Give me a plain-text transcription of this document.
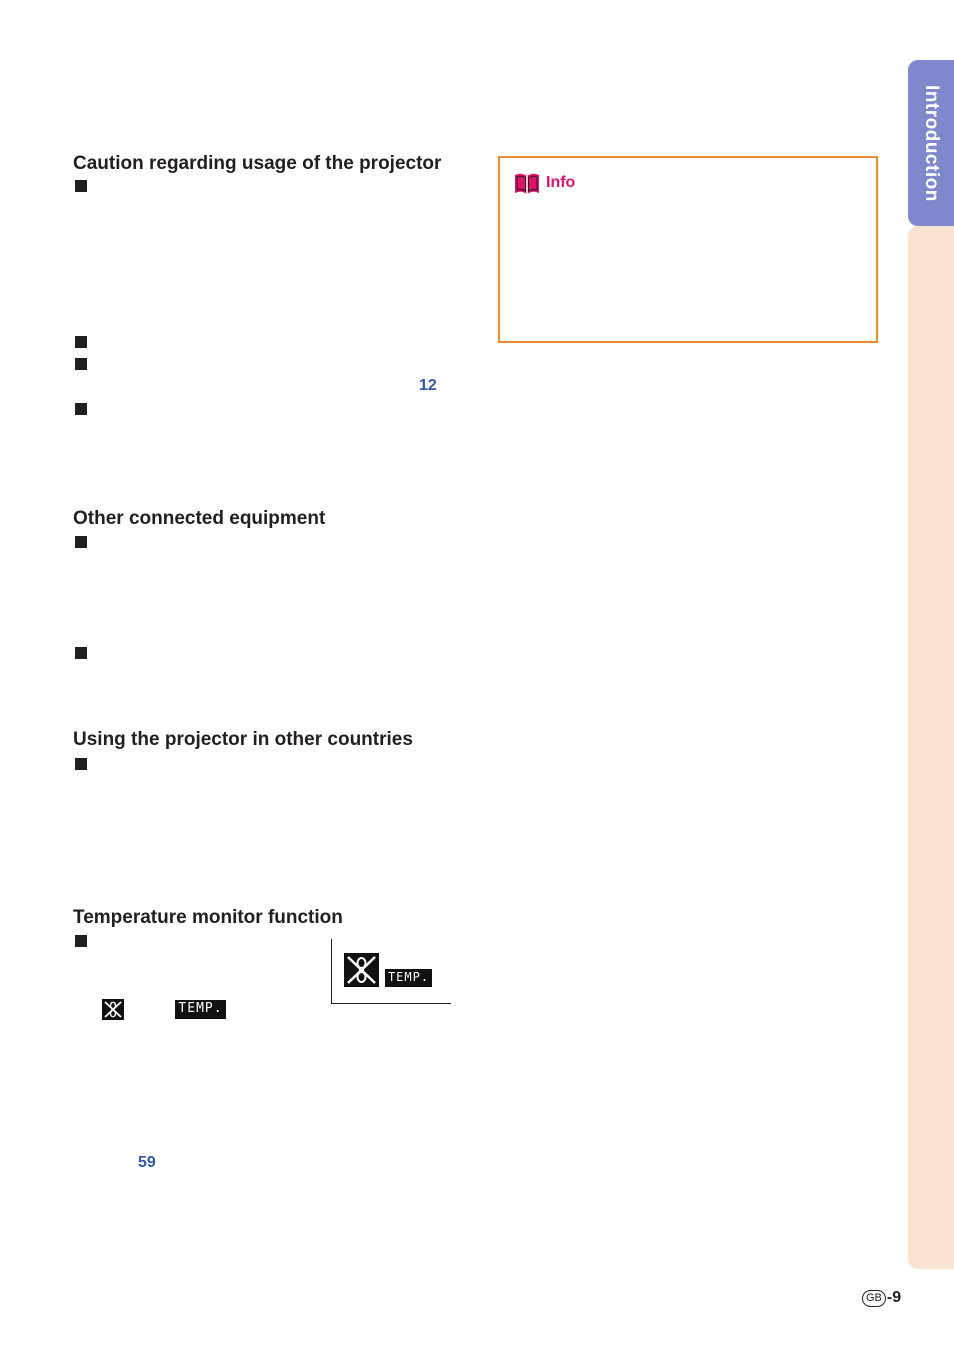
Introduction
Caution regarding usage of the projector
12
Other connected equipment
Using the projector in other countries
Temperature monitor function
TEMP.
TEMP.
59
Info
GB -9
